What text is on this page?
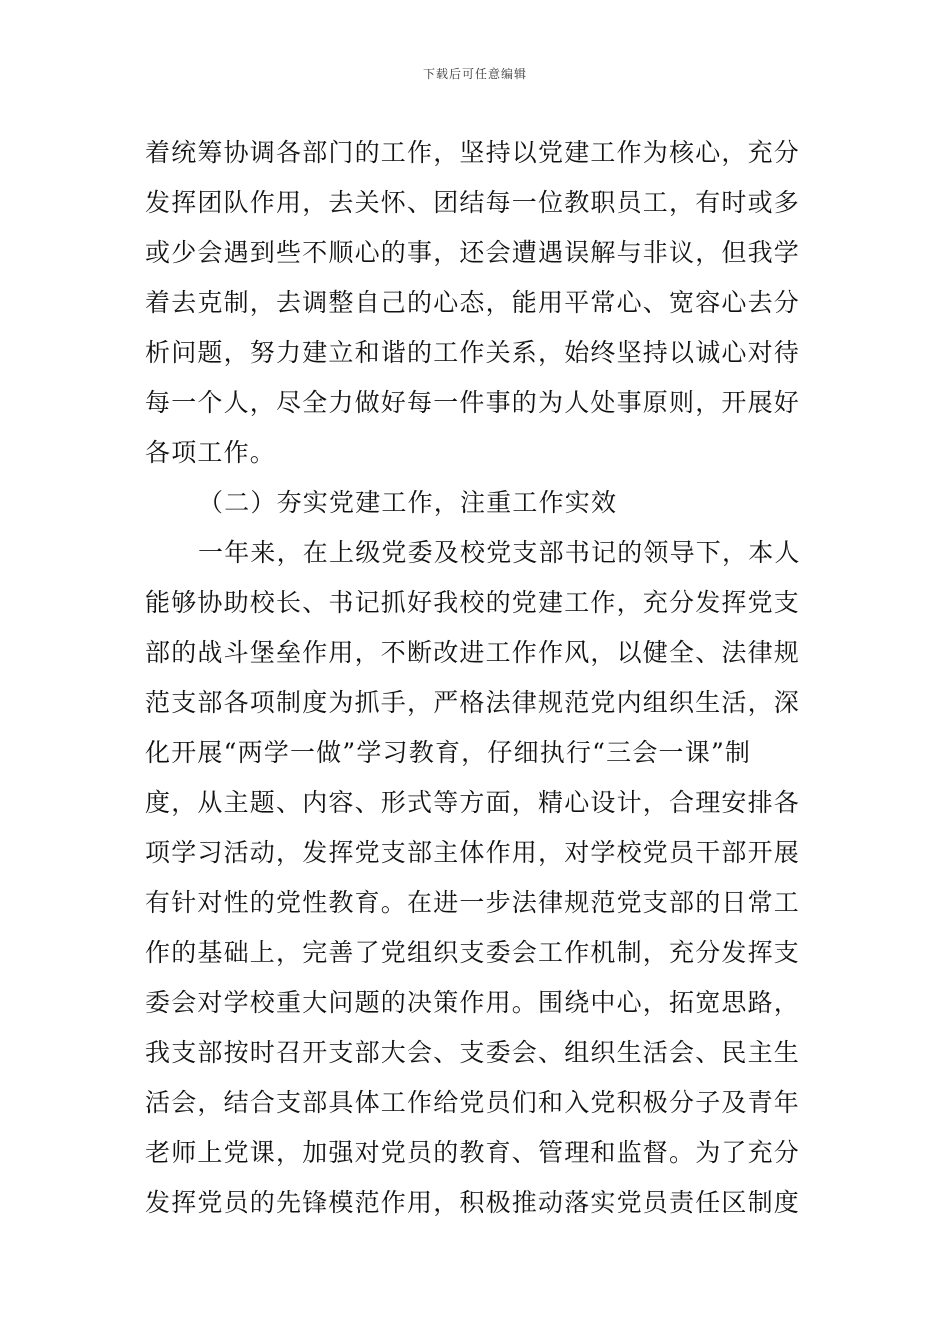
下载后可任意编辑
着统筹协调各部门的工作，坚持以党建工作为核心，充分
发挥团队作用，去关怀、团结每一位教职员工，有时或多
或少会遇到些不顺心的事，还会遭遇误解与非议，但我学
着去克制，去调整自己的心态，能用平常心、宽容心去分
析问题，努力建立和谐的工作关系，始终坚持以诚心对待
每一个人，尽全力做好每一件事的为人处事原则，开展好
各项工作。
（二）夯实党建工作，注重工作实效
一年来，在上级党委及校党支部书记的领导下，本人
能够协助校长、书记抓好我校的党建工作，充分发挥党支
部的战斗堡垒作用，不断改进工作作风，以健全、法律规
范支部各项制度为抓手，严格法律规范党内组织生活，深
化开展“两学一做”学习教育，仔细执行“三会一课”制
度，从主题、内容、形式等方面，精心设计，合理安排各
项学习活动，发挥党支部主体作用，对学校党员干部开展
有针对性的党性教育。在进一步法律规范党支部的日常工
作的基础上，完善了党组织支委会工作机制，充分发挥支
委会对学校重大问题的决策作用。围绕中心，拓宽思路，
我支部按时召开支部大会、支委会、组织生活会、民主生
活会，结合支部具体工作给党员们和入党积极分子及青年
老师上党课，加强对党员的教育、管理和监督。为了充分
发挥党员的先锋模范作用，积极推动落实党员责任区制度
